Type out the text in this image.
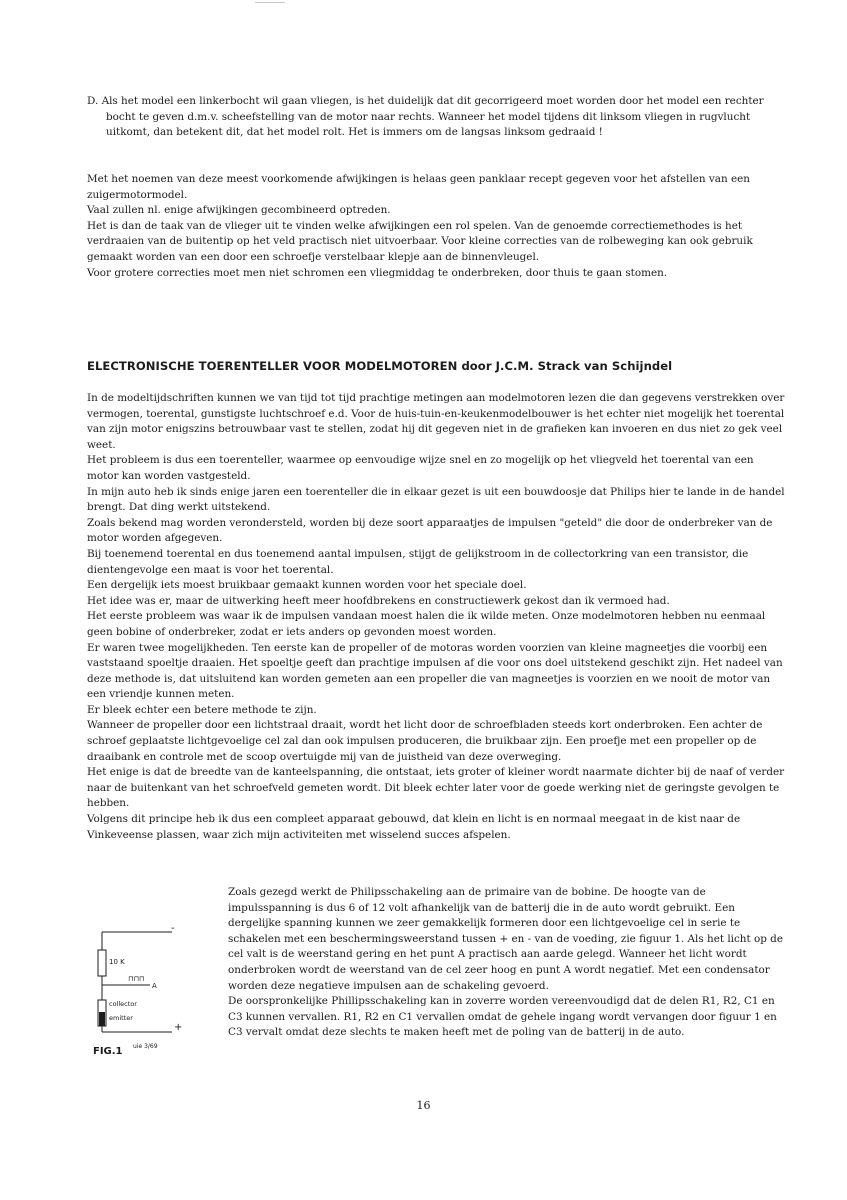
D. Als het model een linkerbocht wil gaan vliegen, is het duidelijk dat dit gecorrigeerd moet worden door het model een rechter bocht te geven d.m.v. scheefstelling van de motor naar rechts. Wanneer het model tijdens dit linksom vliegen in rugvlucht uitkomt, dan betekent dit, dat het model rolt. Het is immers om de langsas linksom gedraaid !

Met het noemen van deze meest voorkomende afwijkingen is helaas geen panklaar recept gegeven voor het afstellen van een zuigermotormodel.

Vaal zullen nl. enige afwijkingen gecombineerd optreden.

Het is dan de taak van de vlieger uit te vinden welke afwijkingen een rol spelen. Van de genoemde correctiemethodes is het verdraaien van de buitentip op het veld practisch niet uitvoerbaar. Voor kleine correcties van de rolbeweging kan ook gebruik gemaakt worden van een door een schroefje verstelbaar klepje aan de binnenvleugel.

Voor grotere correcties moet men niet schromen een vliegmiddag te onderbreken, door thuis te gaan stomen.

ELECTRONISCHE TOERENTELLER VOOR MODELMOTOREN door J.C.M. Strack van Schijndel

In de modeltijdschriften kunnen we van tijd tot tijd prachtige metingen aan modelmotoren lezen die dan gegevens verstrekken over vermogen, toerental, gunstigste luchtschroef e.d. Voor de huis-tuin-en-keukenmodelbouwer is het echter niet mogelijk het toerental van zijn motor enigszins betrouwbaar vast te stellen, zodat hij dit gegeven niet in de grafieken kan invoeren en dus niet zo gek veel weet.

Het probleem is dus een toerenteller, waarmee op eenvoudige wijze snel en zo mogelijk op het vliegveld het toerental van een motor kan worden vastgesteld.

In mijn auto heb ik sinds enige jaren een toerenteller die in elkaar gezet is uit een bouwdoosje dat Philips hier te lande in de handel brengt. Dat ding werkt uitstekend.

Zoals bekend mag worden verondersteld, worden bij deze soort apparaatjes de impulsen "geteld" die door de onderbreker van de motor worden afgegeven.

Bij toenemend toerental en dus toenemend aantal impulsen, stijgt de gelijkstroom in de collectorkring van een transistor, die dientengevolge een maat is voor het toerental.

Een dergelijk iets moest bruikbaar gemaakt kunnen worden voor het speciale doel.

Het idee was er, maar de uitwerking heeft meer hoofdbrekens en constructiewerk gekost dan ik vermoed had.

Het eerste probleem was waar ik de impulsen vandaan moest halen die ik wilde meten. Onze modelmotoren hebben nu eenmaal geen bobine of onderbreker, zodat er iets anders op gevonden moest worden.

Er waren twee mogelijkheden. Ten eerste kan de propeller of de motoras worden voorzien van kleine magneetjes die voorbij een vaststaand spoeltje draaien. Het spoeltje geeft dan prachtige impulsen af die voor ons doel uitstekend geschikt zijn. Het nadeel van deze methode is, dat uitsluitend kan worden gemeten aan een propeller die van magneetjes is voorzien en we nooit de motor van een vriendje kunnen meten.

Er bleek echter een betere methode te zijn.

Wanneer de propeller door een lichtstraal draait, wordt het licht door de schroefbladen steeds kort onderbroken. Een achter de schroef geplaatste lichtgevoelige cel zal dan ook impulsen produceren, die bruikbaar zijn. Een proefje met een propeller op de draaibank en controle met de scoop overtuigde mij van de juistheid van deze overweging.

Het enige is dat de breedte van de kanteelspanning, die ontstaat, iets groter of kleiner wordt naarmate dichter bij de naaf of verder naar de buitenkant van het schroefveld gemeten wordt. Dit bleek echter later voor de goede werking niet de geringste gevolgen te hebben.

Volgens dit principe heb ik dus een compleet apparaat gebouwd, dat klein en licht is en normaal meegaat in de kist naar de Vinkeveense plassen, waar zich mijn activiteiten met wisselend succes afspelen.

-
+
10 K
⊓⊓⊓
A
collector
emitter
FIG.1 uie 3/69

Zoals gezegd werkt de Philipsschakeling aan de primaire van de bobine. De hoogte van de impulsspanning is dus 6 of 12 volt afhankelijk van de batterij die in de auto wordt gebruikt. Een dergelijke spanning kunnen we zeer gemakkelijk formeren door een lichtgevoelige cel in serie te schakelen met een beschermingsweerstand tussen + en - van de voeding, zie figuur 1. Als het licht op de cel valt is de weerstand gering en het punt A practisch aan aarde gelegd. Wanneer het licht wordt onderbroken wordt de weerstand van de cel zeer hoog en punt A wordt negatief. Met een condensator worden deze negatieve impulsen aan de schakeling gevoerd.

De oorspronkelijke Phillipsschakeling kan in zoverre worden vereenvoudigd dat de delen R1, R2, C1 en C3 kunnen vervallen. R1, R2 en C1 vervallen omdat de gehele ingang wordt vervangen door figuur 1 en C3 vervalt omdat deze slechts te maken heeft met de poling van de batterij in de auto.

16
